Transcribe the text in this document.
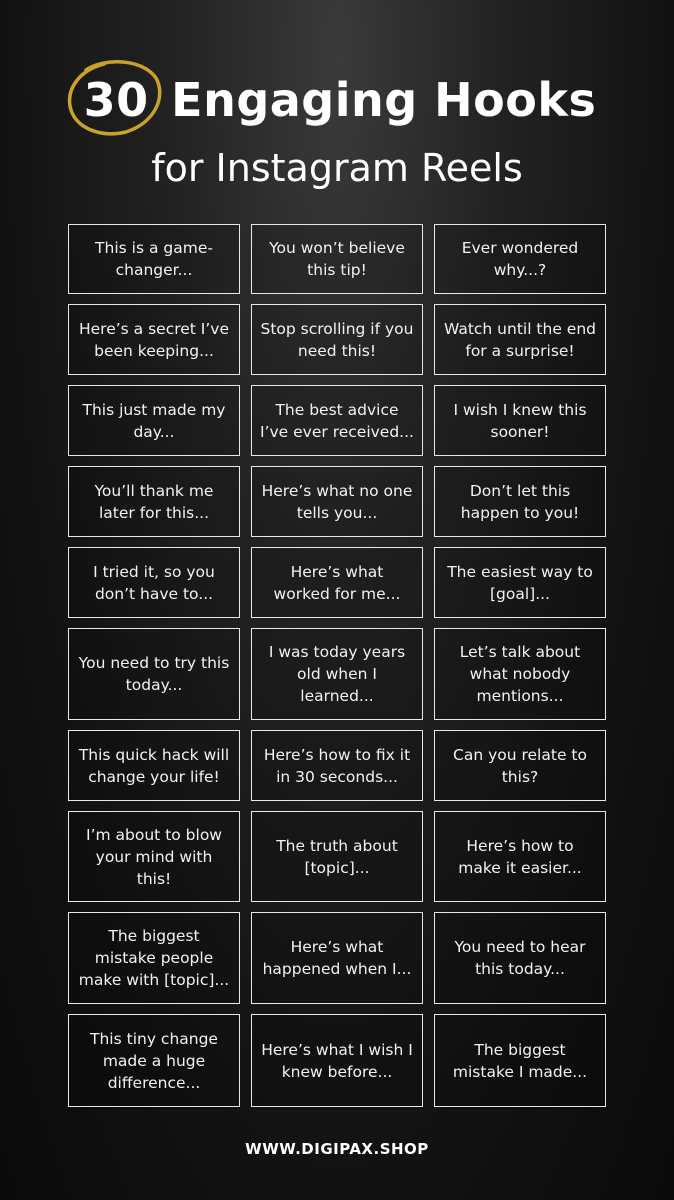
30 Engaging Hooks
for Instagram Reels
This is a game-changer...
You won’t believe this tip!
Ever wondered why...?
Here’s a secret I’ve been keeping...
Stop scrolling if you need this!
Watch until the end for a surprise!
This just made my day...
The best advice I’ve ever received...
I wish I knew this sooner!
You’ll thank me later for this...
Here’s what no one tells you...
Don’t let this happen to you!
I tried it, so you don’t have to...
Here’s what worked for me...
The easiest way to [goal]...
You need to try this today...
I was today years old when I learned...
Let’s talk about what nobody mentions...
This quick hack will change your life!
Here’s how to fix it in 30 seconds...
Can you relate to this?
I’m about to blow your mind with this!
The truth about [topic]...
Here’s how to make it easier...
The biggest mistake people make with [topic]...
Here’s what happened when I...
You need to hear this today...
This tiny change made a huge difference...
Here’s what I wish I knew before...
The biggest mistake I made...
WWW.DIGIPAX.SHOP
